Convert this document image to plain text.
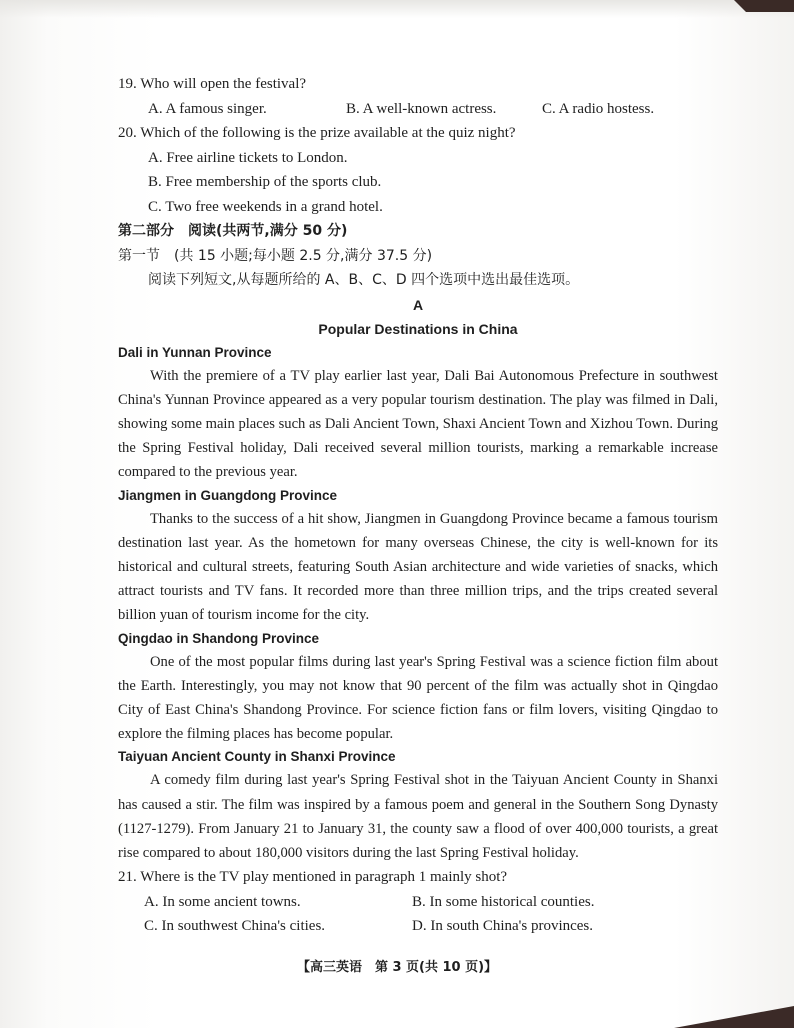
19. Who will open the festival?
A. A famous singer.	B. A well-known actress.	C. A radio hostess.
20. Which of the following is the prize available at the quiz night?
A. Free airline tickets to London.
B. Free membership of the sports club.
C. Two free weekends in a grand hotel.
第二部分　阅读(共两节,满分 50 分)
第一节　(共 15 小题;每小题 2.5 分,满分 37.5 分)
阅读下列短文,从每题所给的 A、B、C、D 四个选项中选出最佳选项。
A
Popular Destinations in China
Dali in Yunnan Province
With the premiere of a TV play earlier last year, Dali Bai Autonomous Prefecture in southwest China's Yunnan Province appeared as a very popular tourism destination. The play was filmed in Dali, showing some main places such as Dali Ancient Town, Shaxi Ancient Town and Xizhou Town. During the Spring Festival holiday, Dali received several million tourists, marking a remarkable increase compared to the previous year.
Jiangmen in Guangdong Province
Thanks to the success of a hit show, Jiangmen in Guangdong Province became a famous tourism destination last year. As the hometown for many overseas Chinese, the city is well-known for its historical and cultural streets, featuring South Asian architecture and wide varieties of snacks, which attract tourists and TV fans. It recorded more than three million trips, and the trips created several billion yuan of tourism income for the city.
Qingdao in Shandong Province
One of the most popular films during last year's Spring Festival was a science fiction film about the Earth. Interestingly, you may not know that 90 percent of the film was actually shot in Qingdao City of East China's Shandong Province. For science fiction fans or film lovers, visiting Qingdao to explore the filming places has become popular.
Taiyuan Ancient County in Shanxi Province
A comedy film during last year's Spring Festival shot in the Taiyuan Ancient County in Shanxi has caused a stir. The film was inspired by a famous poem and general in the Southern Song Dynasty (1127-1279). From January 21 to January 31, the county saw a flood of over 400,000 tourists, a great rise compared to about 180,000 visitors during the last Spring Festival holiday.
21. Where is the TV play mentioned in paragraph 1 mainly shot?
A. In some ancient towns.	B. In some historical counties.
C. In southwest China's cities.	D. In south China's provinces.
【高三英语　第 3 页(共 10 页)】
